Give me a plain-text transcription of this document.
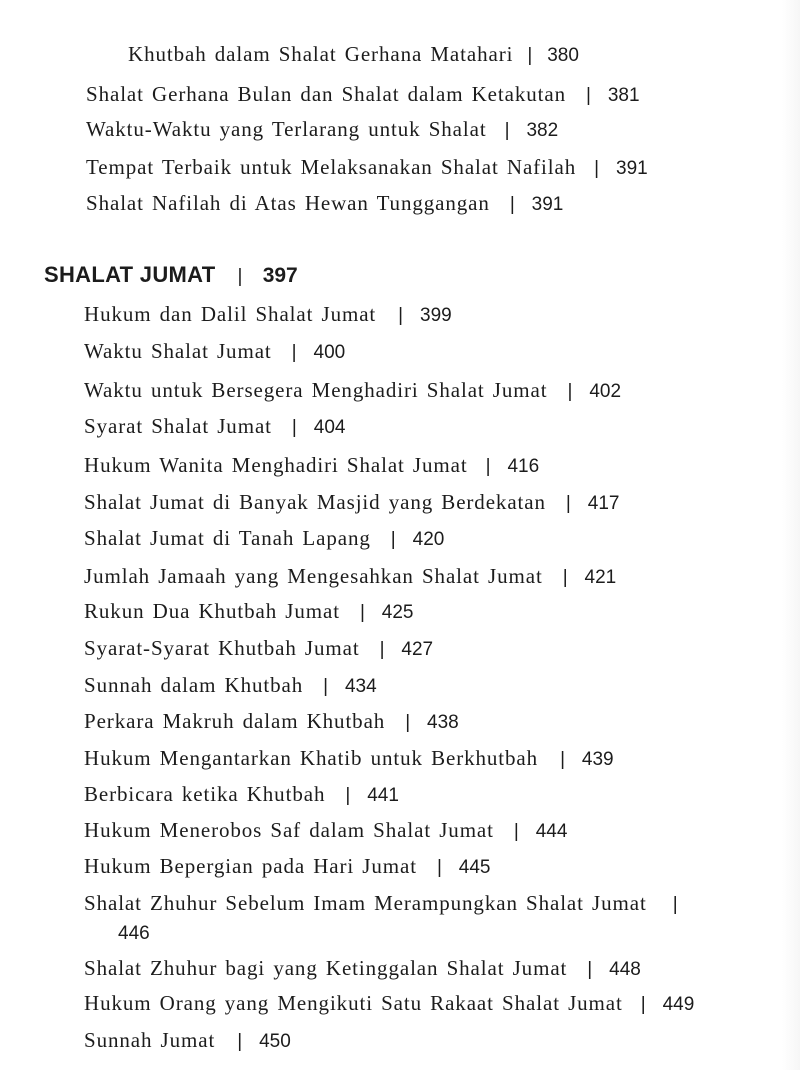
Khutbah dalam Shalat Gerhana Matahari | 380
Shalat Gerhana Bulan dan Shalat dalam Ketakutan | 381
Waktu-Waktu yang Terlarang untuk Shalat | 382
Tempat Terbaik untuk Melaksanakan Shalat Nafilah | 391
Shalat Nafilah di Atas Hewan Tunggangan | 391
SHALAT JUMAT | 397
Hukum dan Dalil Shalat Jumat | 399
Waktu Shalat Jumat | 400
Waktu untuk Bersegera Menghadiri Shalat Jumat | 402
Syarat Shalat Jumat | 404
Hukum Wanita Menghadiri Shalat Jumat | 416
Shalat Jumat di Banyak Masjid yang Berdekatan | 417
Shalat Jumat di Tanah Lapang | 420
Jumlah Jamaah yang Mengesahkan Shalat Jumat | 421
Rukun Dua Khutbah Jumat | 425
Syarat-Syarat Khutbah Jumat | 427
Sunnah dalam Khutbah | 434
Perkara Makruh dalam Khutbah | 438
Hukum Mengantarkan Khatib untuk Berkhutbah | 439
Berbicara ketika Khutbah | 441
Hukum Menerobos Saf dalam Shalat Jumat | 444
Hukum Bepergian pada Hari Jumat | 445
Shalat Zhuhur Sebelum Imam Merampungkan Shalat Jumat |
446
Shalat Zhuhur bagi yang Ketinggalan Shalat Jumat | 448
Hukum Orang yang Mengikuti Satu Rakaat Shalat Jumat | 449
Sunnah Jumat | 450
